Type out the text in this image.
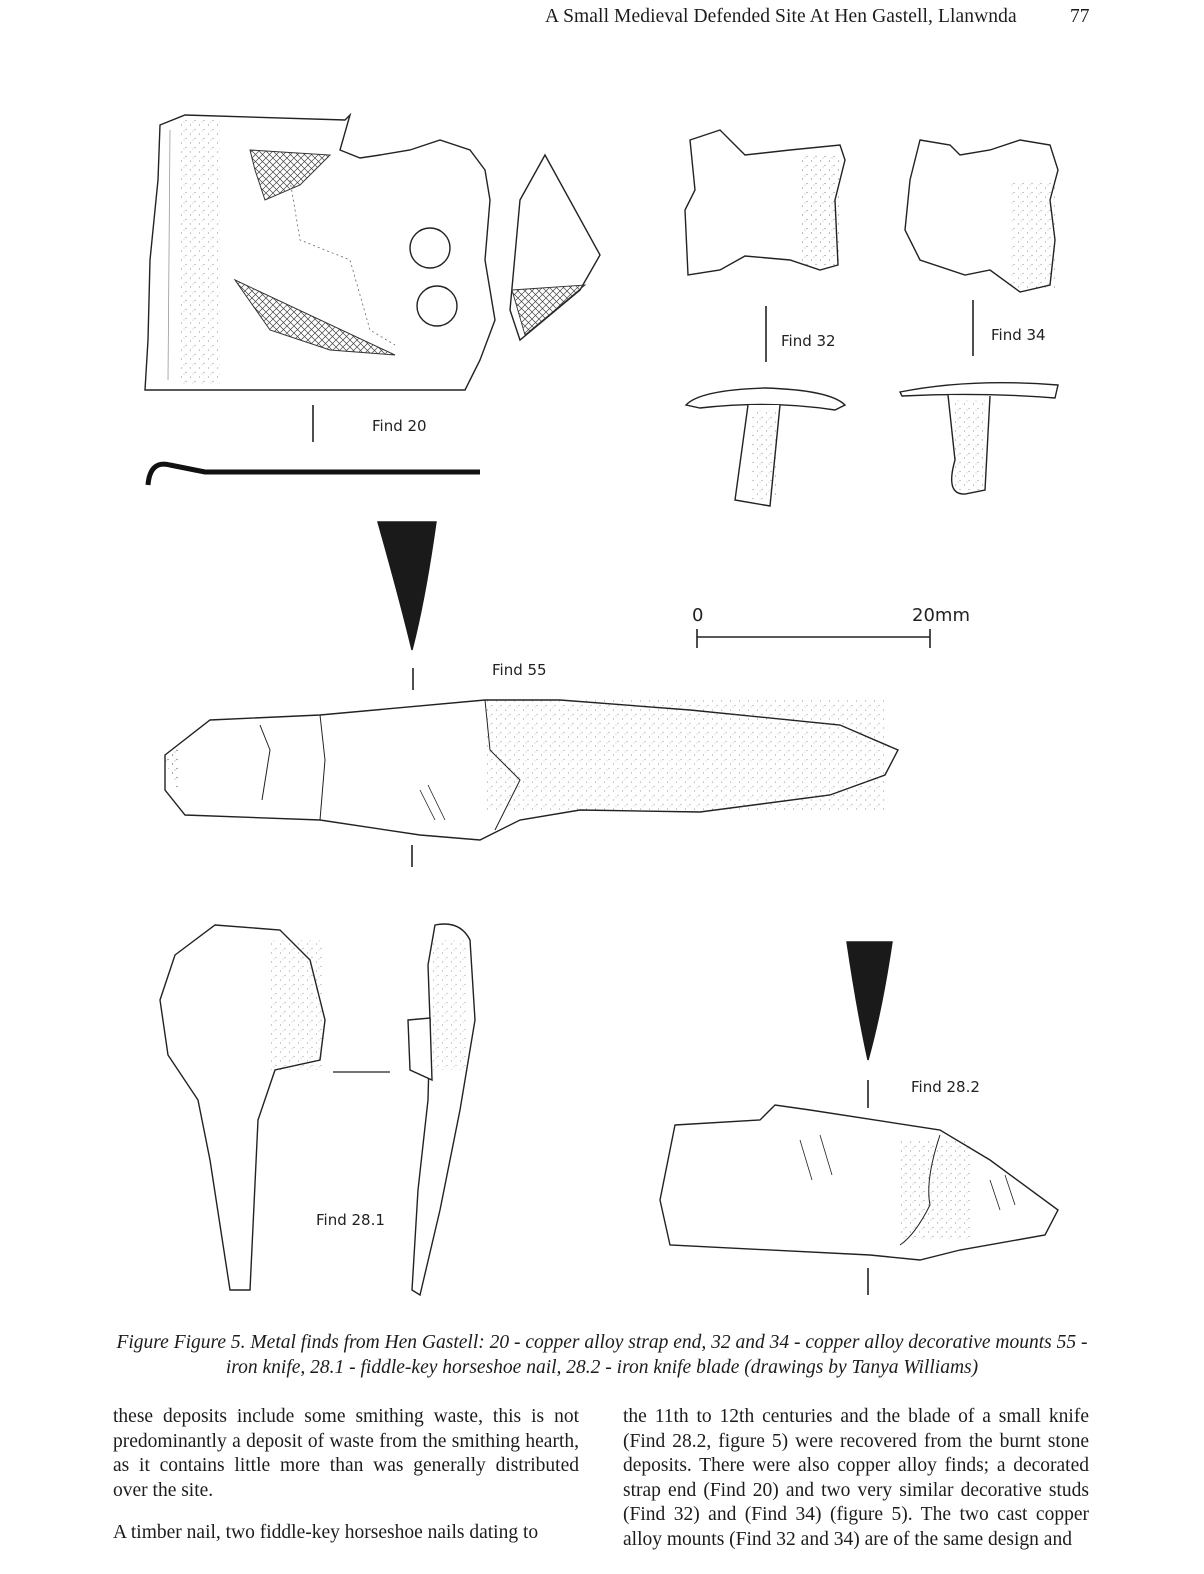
A Small Medieval Defended Site At Hen Gastell, Llanwnda	77
Find 20
Find 32	Find 34
Find 55
Find 28.1
Find 28.2
0	20mm
Figure Figure 5. Metal finds from Hen Gastell: 20 - copper alloy strap end, 32 and 34 - copper alloy decorative mounts 55 -
iron knife, 28.1 - fiddle-key horseshoe nail, 28.2 - iron knife blade (drawings by Tanya Williams)

these deposits include some smithing waste, this is not predominantly a deposit of waste from the smithing hearth, as it contains little more than was generally distributed over the site.

A timber nail, two fiddle-key horseshoe nails dating to

the 11th to 12th centuries and the blade of a small knife (Find 28.2, figure 5) were recovered from the burnt stone deposits. There were also copper alloy finds; a decorated strap end (Find 20) and two very similar decorative studs (Find 32) and (Find 34) (figure 5). The two cast copper alloy mounts (Find 32 and 34) are of the same design and
